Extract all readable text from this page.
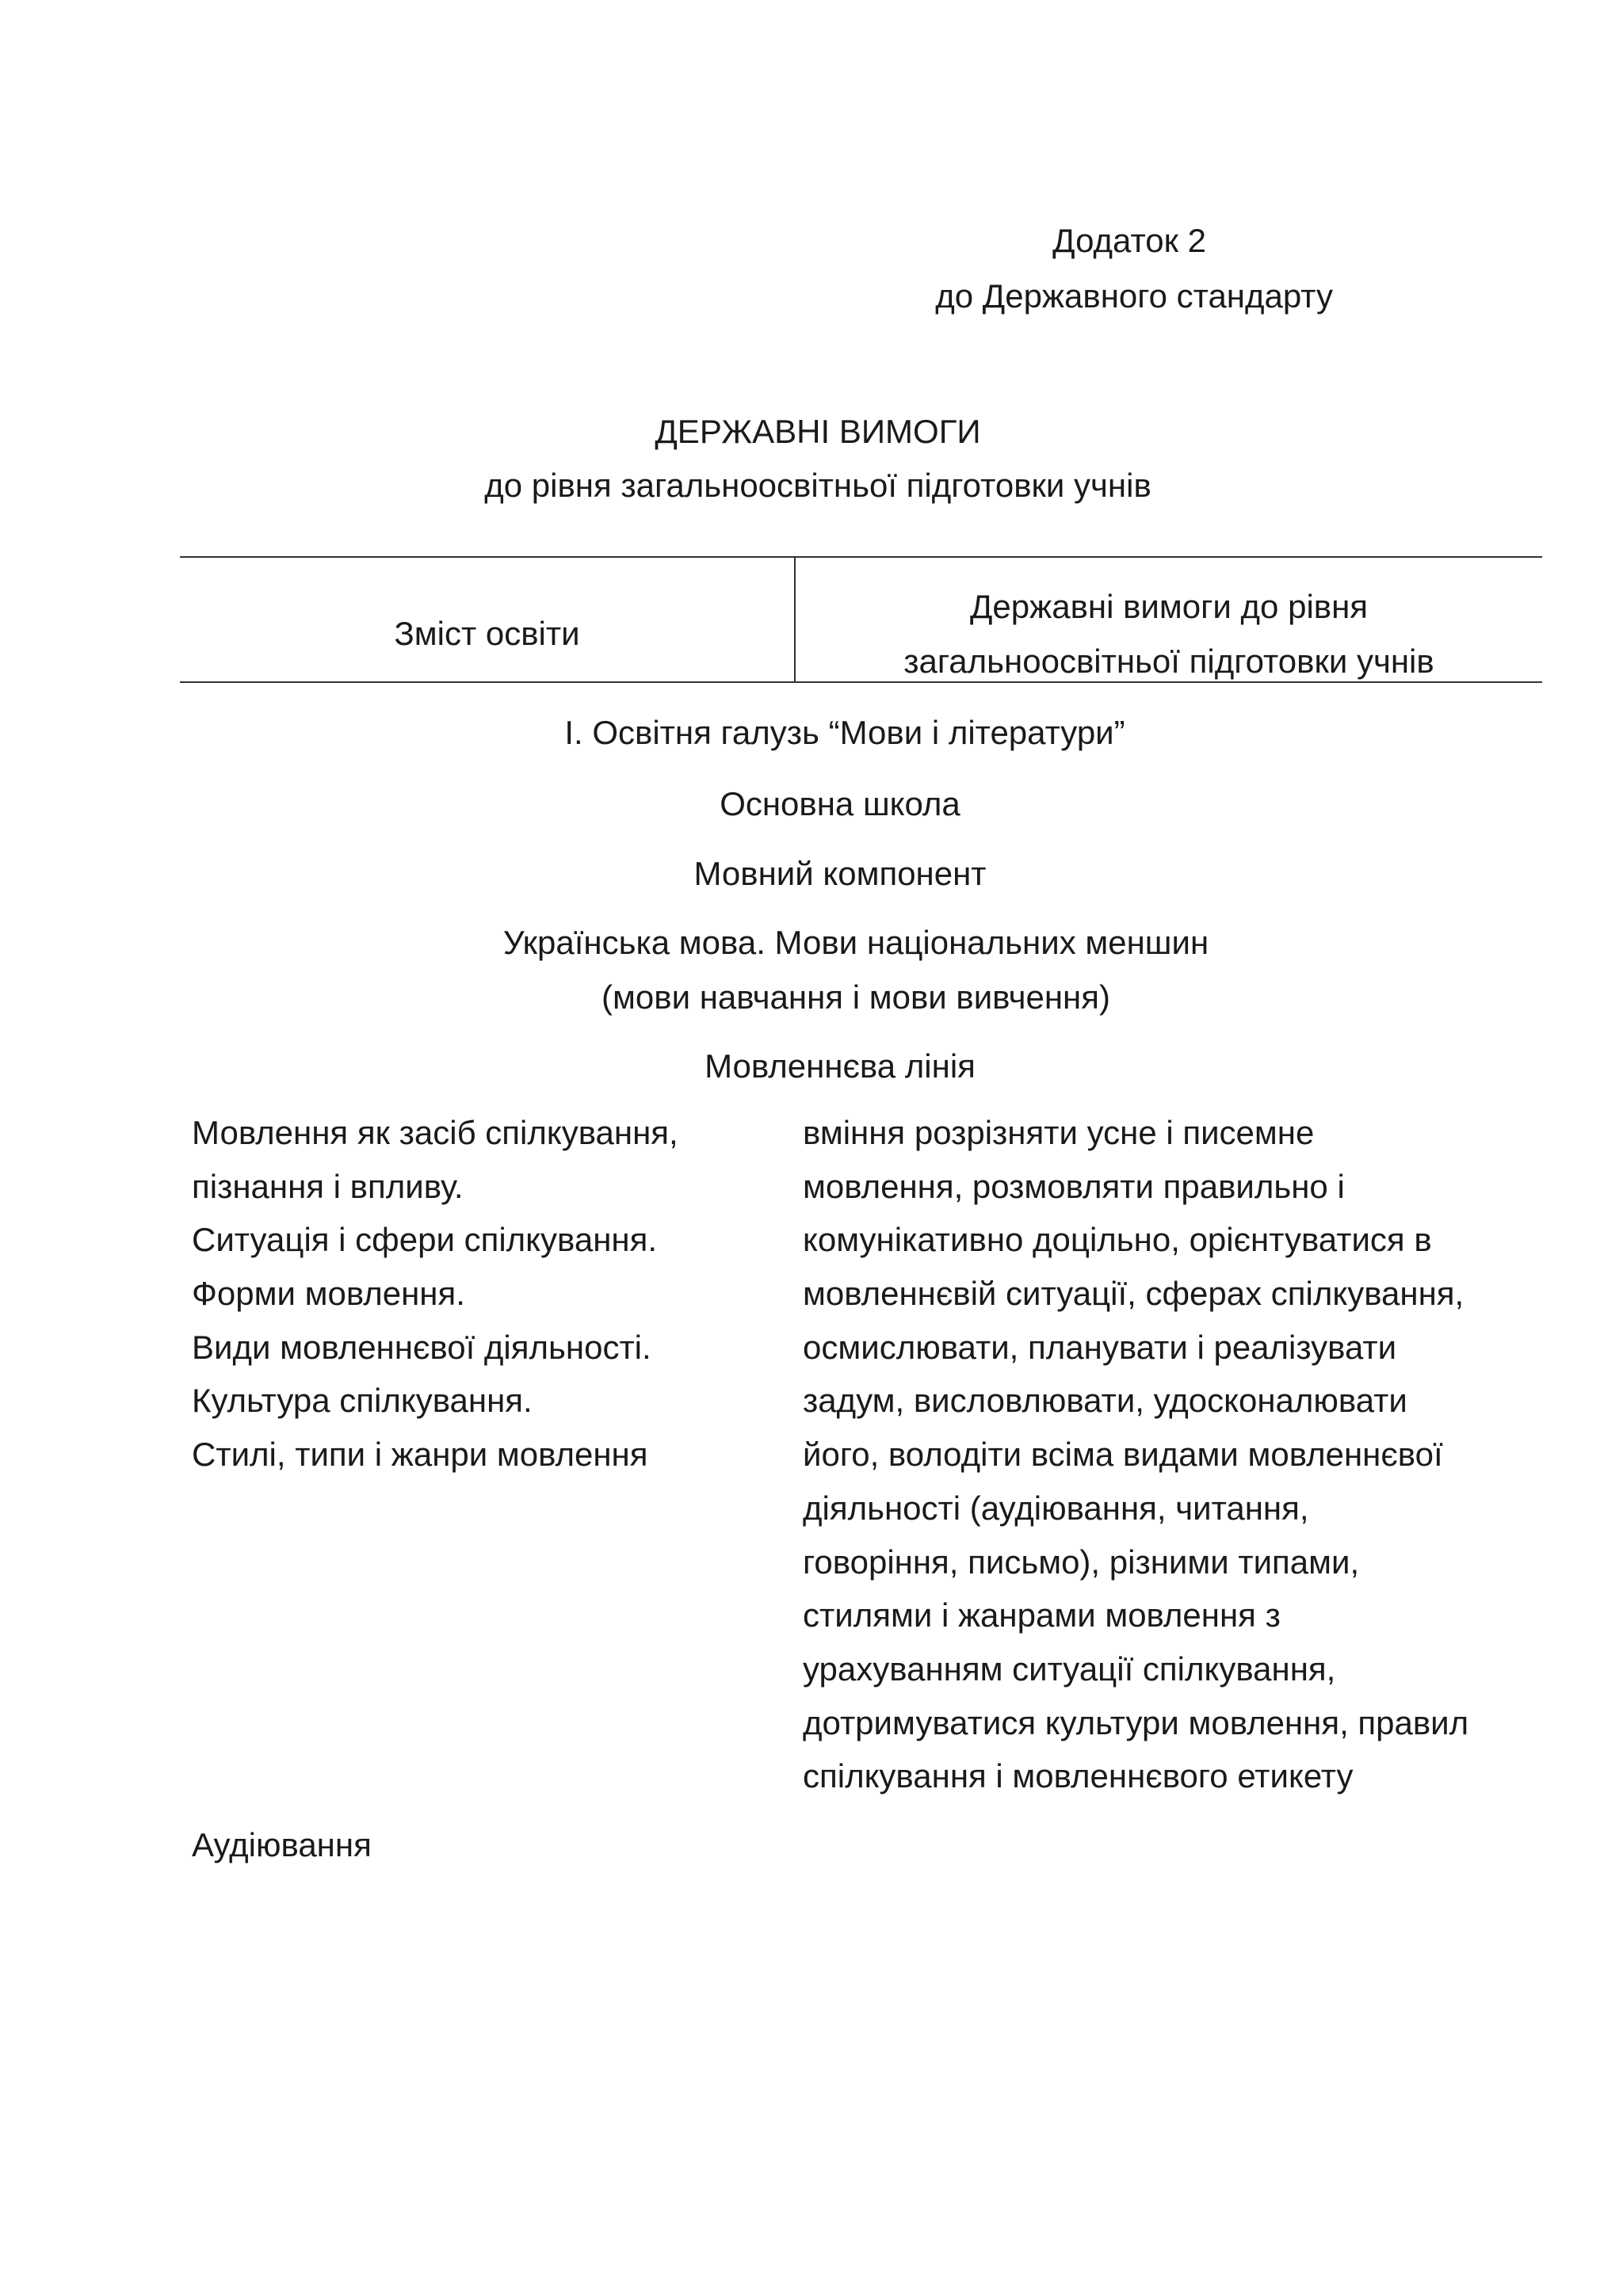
Додаток 2
до Державного стандарту
ДЕРЖАВНІ ВИМОГИ
до рівня загальноосвітньої підготовки учнів
Зміст освіти
Державні вимоги до рівня
загальноосвітньої підготовки учнів
І. Освітня галузь “Мови і літератури”
Основна школа
Мовний компонент
Українська мова. Мови національних меншин
(мови навчання і мови вивчення)
Мовленнєва лінія
Мовлення як засіб спілкування,
пізнання і впливу.
Ситуація і сфери спілкування.
Форми мовлення.
Види мовленнєвої діяльності.
Культура спілкування.
Стилі, типи і жанри мовлення
вміння розрізняти усне і писемне
мовлення, розмовляти правильно і
комунікативно доцільно, орієнтуватися в
мовленнєвій ситуації, сферах спілкування,
осмислювати, планувати і реалізувати
задум, висловлювати, удосконалювати
його, володіти всіма видами мовленнєвої
діяльності (аудіювання, читання,
говоріння, письмо), різними типами,
стилями і жанрами мовлення з
урахуванням ситуації спілкування,
дотримуватися культури мовлення, правил
спілкування і мовленнєвого етикету
Аудіювання
